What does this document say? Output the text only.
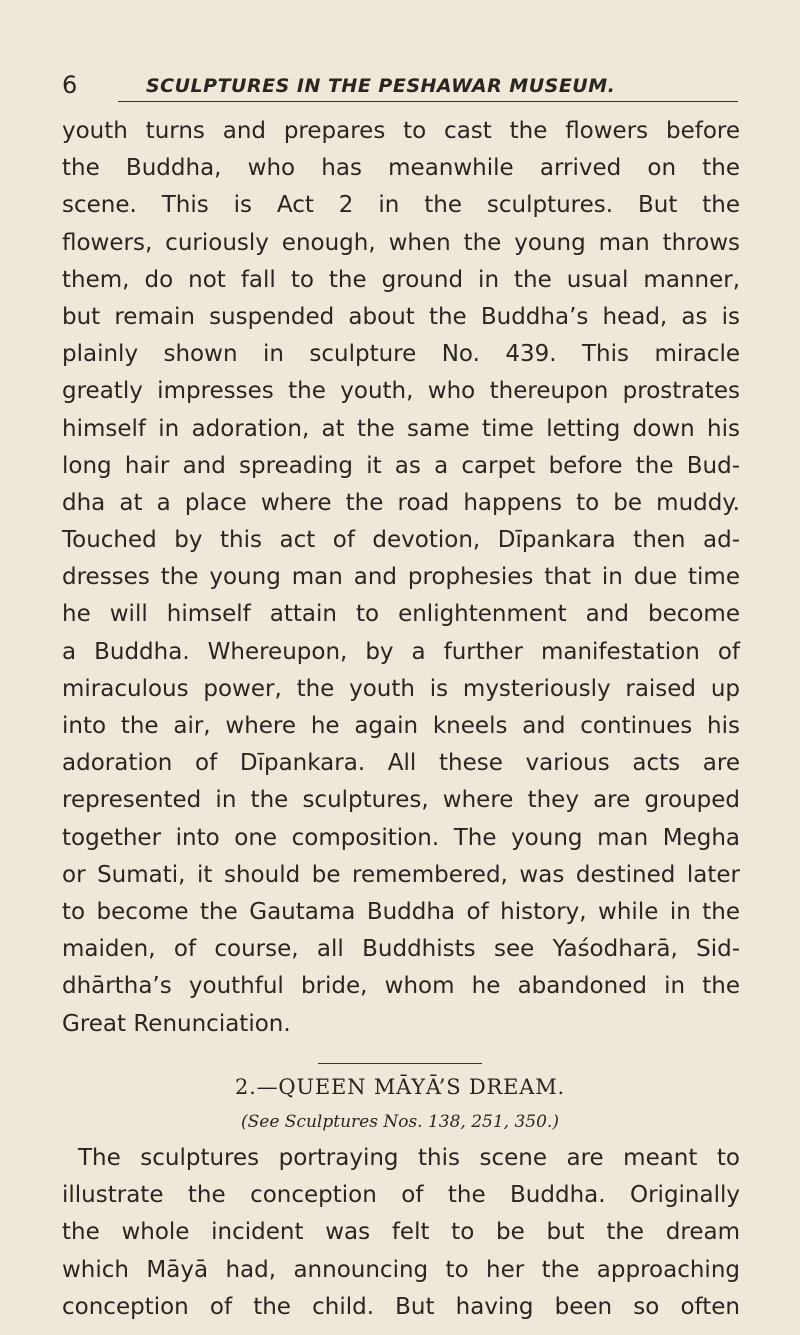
6	SCULPTURES IN THE PESHAWAR MUSEUM.
youth turns and prepares to cast the flowers before
the Buddha, who has meanwhile arrived on the
scene. This is Act 2 in the sculptures. But the
flowers, curiously enough, when the young man throws
them, do not fall to the ground in the usual manner,
but remain suspended about the Buddha’s head, as is
plainly shown in sculpture No. 439. This miracle
greatly impresses the youth, who thereupon prostrates
himself in adoration, at the same time letting down his
long hair and spreading it as a carpet before the Bud-
dha at a place where the road happens to be muddy.
Touched by this act of devotion, Dīpankara then ad-
dresses the young man and prophesies that in due time
he will himself attain to enlightenment and become
a Buddha. Whereupon, by a further manifestation of
miraculous power, the youth is mysteriously raised up
into the air, where he again kneels and continues his
adoration of Dīpankara. All these various acts are
represented in the sculptures, where they are grouped
together into one composition. The young man Megha
or Sumati, it should be remembered, was destined later
to become the Gautama Buddha of history, while in the
maiden, of course, all Buddhists see Yaśodharā, Sid-
dhārtha’s youthful bride, whom he abandoned in the
Great Renunciation.
2.—QUEEN MĀYĀ’S DREAM.
(See Sculptures Nos. 138, 251, 350.)
The sculptures portraying this scene are meant to
illustrate the conception of the Buddha. Originally
the whole incident was felt to be but the dream
which Māyā had, announcing to her the approaching
conception of the child. But having been so often
